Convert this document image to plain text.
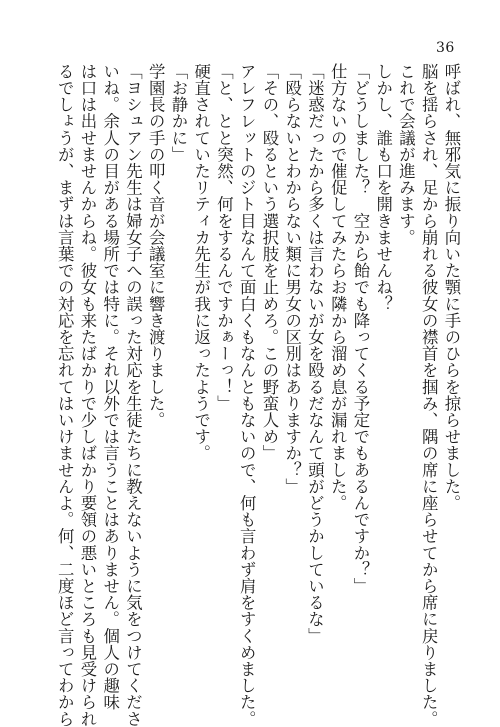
36
呼ばれ、無邪気に振り向いた顎に手のひらを掠らせました。
脳を揺らされ、足から崩れる彼女の襟首を掴み、隅の席に座らせてから席に戻りました。
これで会議が進みます。
しかし、誰も口を開きませんね？
「どうしました？　空から飴でも降ってくる予定でもあるんですか？」
仕方ないので催促してみたらお隣から溜め息が漏れました。
「迷惑だったから多くは言わないが女を殴るだなんて頭がどうかしているな」
「殴らないとわからない類に男女の区別はありますか？」
「その、殴るという選択肢を止めろ。この野蛮人め」
アレフレットのジト目なんて面白くもなんともないので、何も言わず肩をすくめました。
「と、とと突然、何をするんですかぁーっ！」
硬直されていたリティカ先生が我に返ったようです。
「お静かに」
学園長の手の叩く音が会議室に響き渡りました。
「ヨシュアン先生は婦女子への誤った対応を生徒たちに教えないように気をつけてくださ
いね。余人の目がある場所では特に。それ以外では言うことはありません。個人の趣味
は口は出せませんからね。彼女も来たばかりで少しばかり要領の悪いところも見受けられ
るでしょうが、まずは言葉での対応を忘れてはいけませんよ。何、二度ほど言ってわから
